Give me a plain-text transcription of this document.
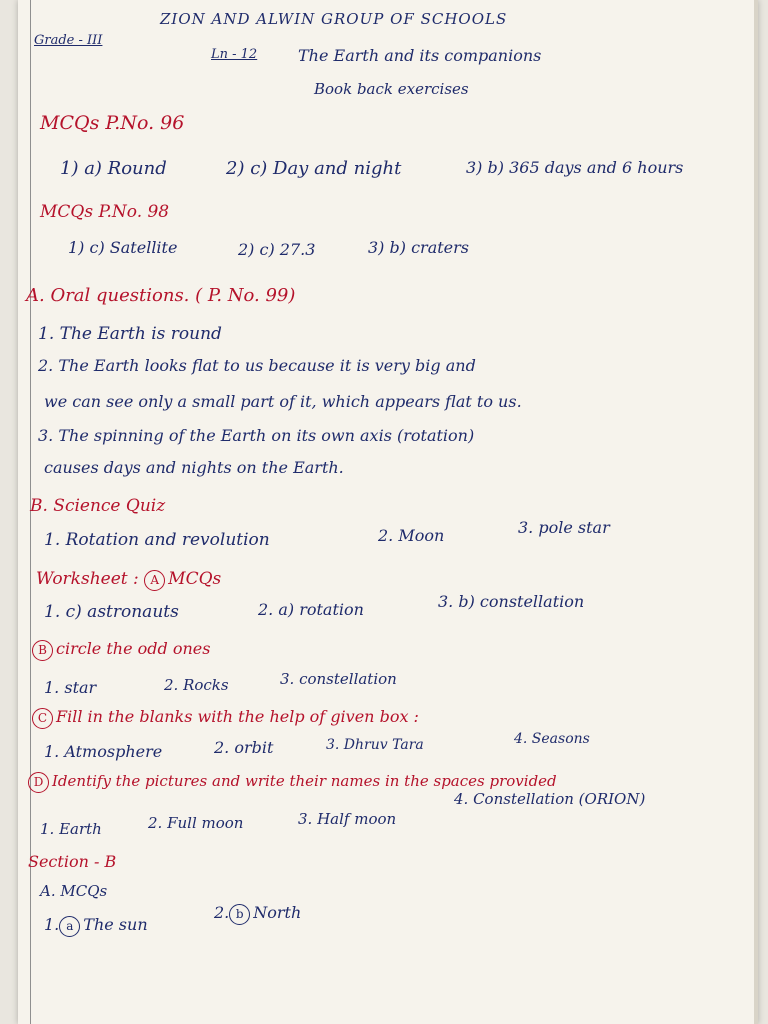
ZION AND ALWIN GROUP OF SCHOOLS
Grade - III
Ln - 12	The Earth and its companions
Book back exercises
MCQs P.No. 96
1) a) Round	2) c) Day and night	3) b) 365 days and 6 hours
MCQs P.No. 98
1) c) Satellite	2) c) 27.3	3) b) craters
A. Oral questions. ( P. No. 99)
1. The Earth is round
2. The Earth looks flat to us because it is very big and
we can see only a small part of it, which appears flat to us.
3. The spinning of the Earth on its own axis (rotation)
causes days and nights on the Earth.
B. Science Quiz
1. Rotation and revolution	2. Moon	3. pole star
Worksheet : A MCQs
1. c) astronauts	2. a) rotation	3. b) constellation
B circle the odd ones
1. star	2. Rocks	3. constellation
C Fill in the blanks with the help of given box :
1. Atmosphere	2. orbit	3. Dhruv Tara	4. Seasons
D Identify the pictures and write their names in the spaces provided
1. Earth	2. Full moon	3. Half moon
4. Constellation (ORION)
Section - B
A. MCQs
1. a The sun
2. b North
